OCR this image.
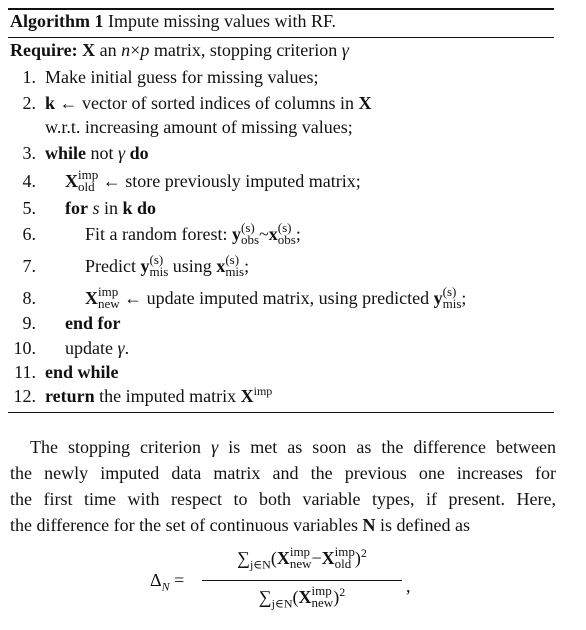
Algorithm 1 Impute missing values with RF.
Require: X an n×p matrix, stopping criterion γ
1. Make initial guess for missing values;
2. k ← vector of sorted indices of columns in X
w.r.t. increasing amount of missing values;
3. while not γ do
4. X imp
old ← store previously imputed matrix;
5. for s in k do
6.	Fit a random forest: y (s)
obs ~x (s)
obs ;
7.	Predict y (s)
mis using x (s)
mis ;
8.	X imp
new ← update imputed matrix, using predicted y (s)
mis ;
9. end for
10. update γ.
11. end while
12. return the imputed matrix $X^{imp}$
The stopping criterion γ is met as soon as the difference between
the newly imputed data matrix and the previous one increases for
the first time with respect to both variable types, if present. Here,
the difference for the set of continuous variables N is defined as
$\Delta_N$ =
$\sum_{j\in N}(X$ imp
new −X imp
old )$^2$
$\sum_{j\in N}(X$ imp
new )$^2$	,
